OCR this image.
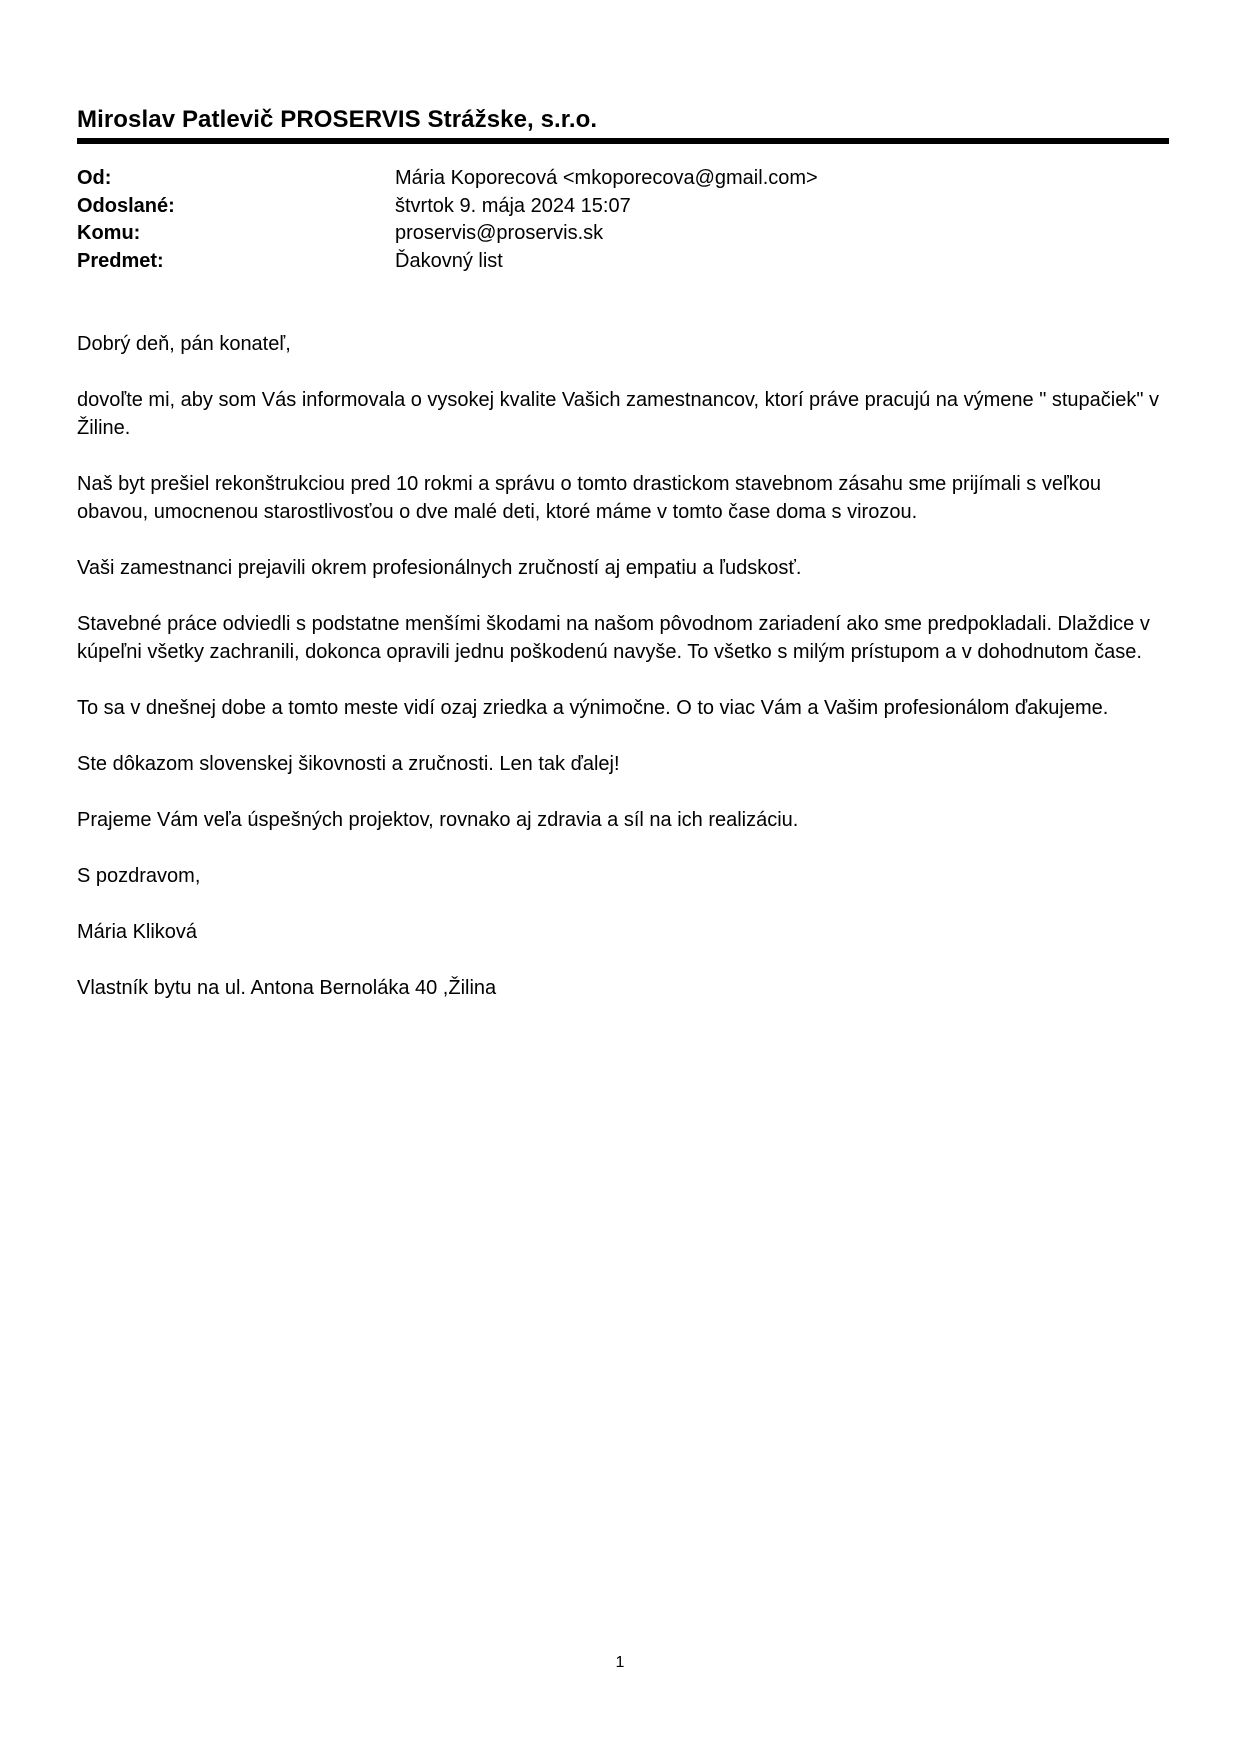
Miroslav Patlevič PROSERVIS Strážske, s.r.o.
Od:	Mária Koporecová <mkoporecova@gmail.com>
Odoslané:	štvrtok 9. mája 2024 15:07
Komu:	proservis@proservis.sk
Predmet:	Ďakovný list

Dobrý deň, pán konateľ,

dovoľte mi, aby som Vás informovala o vysokej kvalite Vašich zamestnancov, ktorí práve pracujú na výmene " stupačiek" v Žiline.

Naš byt prešiel rekonštrukciou pred 10 rokmi a správu o tomto drastickom stavebnom zásahu sme prijímali s veľkou obavou, umocnenou starostlivosťou o dve malé deti, ktoré máme v tomto čase doma s virozou.

Vaši zamestnanci prejavili okrem profesionálnych zručností aj empatiu a ľudskosť.

Stavebné práce odviedli s podstatne menšími škodami na našom pôvodnom zariadení ako sme predpokladali. Dlaždice v kúpeľni všetky zachranili, dokonca opravili jednu poškodenú navyše. To všetko s milým prístupom a v dohodnutom čase.

To sa v dnešnej dobe a tomto meste vidí ozaj zriedka a výnimočne. O to viac Vám a Vašim profesionálom ďakujeme.

Ste dôkazom slovenskej šikovnosti a zručnosti. Len tak ďalej!

Prajeme Vám veľa úspešných projektov, rovnako aj zdravia a síl na ich realizáciu.

S pozdravom,

Mária Kliková

Vlastník bytu na ul. Antona Bernoláka 40 ,Žilina

1
